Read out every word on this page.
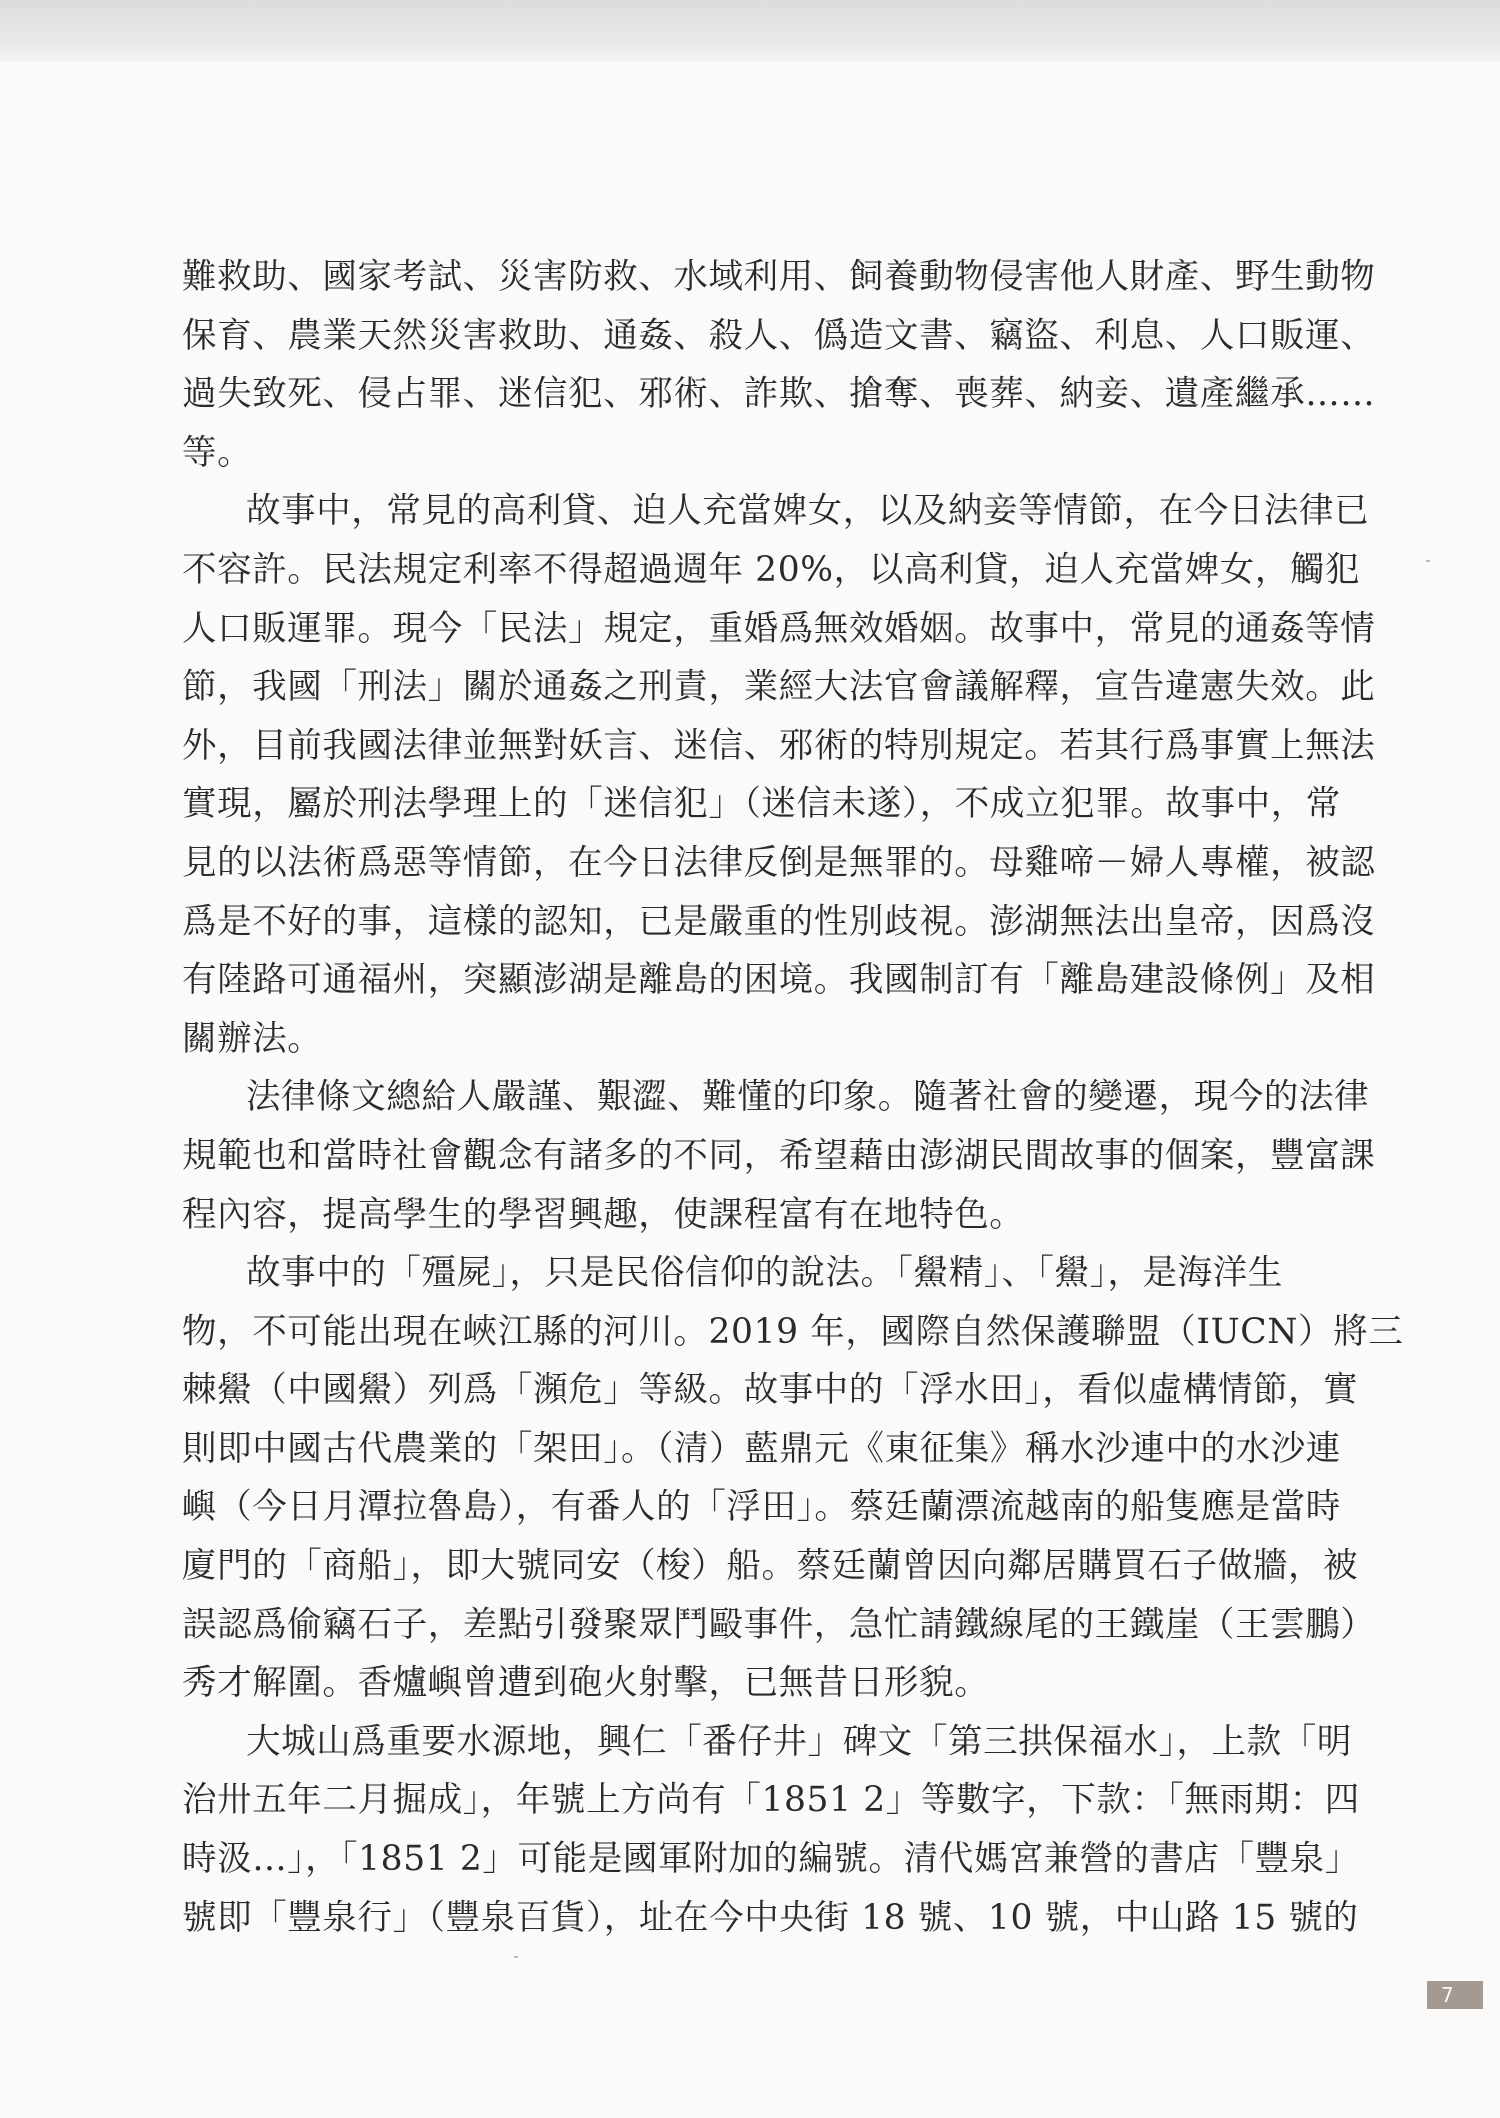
難救助、國家考試、災害防救、水域利用、飼養動物侵害他人財產、野生動物
保育、農業天然災害救助、通姦、殺人、僞造文書、竊盜、利息、人口販運、
過失致死、侵占罪、迷信犯、邪術、詐欺、搶奪、喪葬、納妾、遺產繼承……
等。

故事中，常見的高利貸、迫人充當婢女，以及納妾等情節，在今日法律已
不容許。民法規定利率不得超過週年 20%，以高利貸，迫人充當婢女，觸犯
人口販運罪。現今「民法」規定，重婚爲無效婚姻。故事中，常見的通姦等情
節，我國「刑法」關於通姦之刑責，業經大法官會議解釋，宣告違憲失效。此
外，目前我國法律並無對妖言、迷信、邪術的特別規定。若其行爲事實上無法
實現，屬於刑法學理上的「迷信犯」（迷信未遂），不成立犯罪。故事中，常
見的以法術爲惡等情節，在今日法律反倒是無罪的。母雞啼－婦人專權，被認
爲是不好的事，這樣的認知，已是嚴重的性別歧視。澎湖無法出皇帝，因爲沒
有陸路可通福州，突顯澎湖是離島的困境。我國制訂有「離島建設條例」及相
關辦法。

法律條文總給人嚴謹、艱澀、難懂的印象。隨著社會的變遷，現今的法律
規範也和當時社會觀念有諸多的不同，希望藉由澎湖民間故事的個案，豐富課
程內容，提高學生的學習興趣，使課程富有在地特色。

故事中的「殭屍」，只是民俗信仰的說法。「鱟精」、「鱟」，是海洋生
物，不可能出現在峽江縣的河川。2019 年，國際自然保護聯盟（IUCN）將三
棘鱟（中國鱟）列爲「瀕危」等級。故事中的「浮水田」，看似虛構情節，實
則即中國古代農業的「架田」。（清）藍鼎元《東征集》稱水沙連中的水沙連
嶼（今日月潭拉魯島），有番人的「浮田」。蔡廷蘭漂流越南的船隻應是當時
廈門的「商船」，即大號同安（梭）船。蔡廷蘭曾因向鄰居購買石子做牆，被
誤認爲偷竊石子，差點引發聚眾鬥毆事件，急忙請鐵線尾的王鐵崖（王雲鵬）
秀才解圍。香爐嶼曾遭到砲火射擊，已無昔日形貌。

大城山爲重要水源地，興仁「番仔井」碑文「第三拱保福水」，上款「明
治卅五年二月掘成」，年號上方尚有「1851 2」等數字，下款：「無雨期：四
時汲…」，「1851 2」可能是國軍附加的編號。清代媽宮兼營的書店「豐泉」
號即「豐泉行」（豐泉百貨），址在今中央街 18 號、10 號，中山路 15 號的

7
